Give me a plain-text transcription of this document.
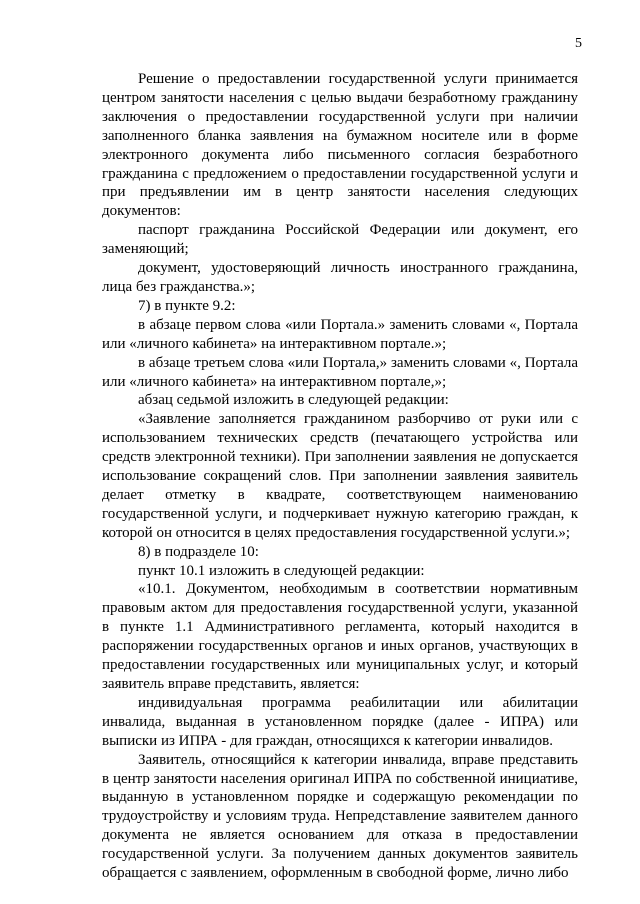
5

Решение о предоставлении государственной услуги принимается центром занятости населения с целью выдачи безработному гражданину заключения о предоставлении государственной услуги при наличии заполненного бланка заявления на бумажном носителе или в форме электронного документа либо письменного согласия безработного гражданина с предложением о предоставлении государственной услуги и при предъявлении им в центр занятости населения следующих документов:

паспорт гражданина Российской Федерации или документ, его заменяющий;

документ, удостоверяющий личность иностранного гражданина, лица без гражданства.»;

7) в пункте 9.2:

в абзаце первом слова «или Портала.» заменить словами «, Портала или «личного кабинета» на интерактивном портале.»;

в абзаце третьем слова «или Портала,» заменить словами «, Портала или «личного кабинета» на интерактивном портале,»;

абзац седьмой изложить в следующей редакции:

«Заявление заполняется гражданином разборчиво от руки или с использованием технических средств (печатающего устройства или средств электронной техники). При заполнении заявления не допускается использование сокращений слов. При заполнении заявления заявитель делает отметку в квадрате, соответствующем наименованию государственной услуги, и подчеркивает нужную категорию граждан, к которой он относится в целях предоставления государственной услуги.»;

8) в подразделе 10:

пункт 10.1 изложить в следующей редакции:

«10.1. Документом, необходимым в соответствии нормативным правовым актом для предоставления государственной услуги, указанной в пункте 1.1 Административного регламента, который находится в распоряжении государственных органов и иных органов, участвующих в предоставлении государственных или муниципальных услуг, и который заявитель вправе представить, является:

индивидуальная программа реабилитации или абилитации инвалида, выданная в установленном порядке (далее - ИПРА) или выписки из ИПРА - для граждан, относящихся к категории инвалидов.

Заявитель, относящийся к категории инвалида, вправе представить в центр занятости населения оригинал ИПРА по собственной инициативе, выданную в установленном порядке и содержащую рекомендации по трудоустройству и условиям труда. Непредставление заявителем данного документа не является основанием для отказа в предоставлении государственной услуги. За получением данных документов заявитель обращается с заявлением, оформленным в свободной форме, лично либо
